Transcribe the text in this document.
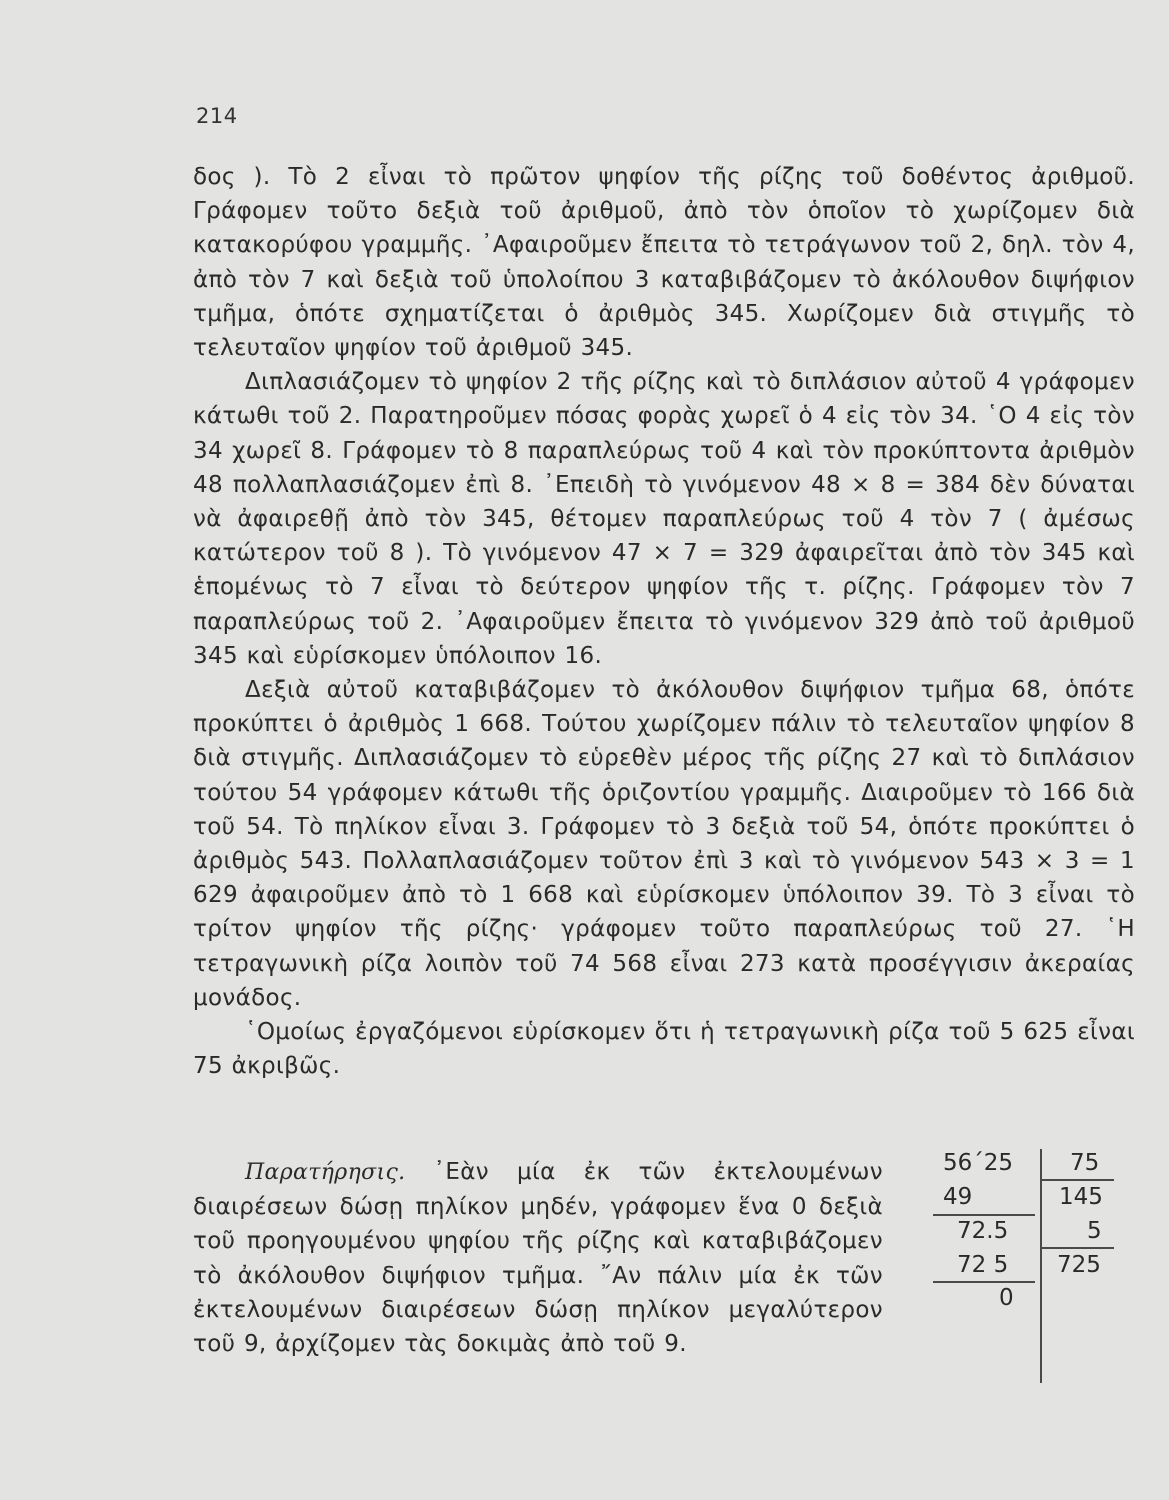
214

δος ). Τὸ 2 εἶναι τὸ πρῶτον ψηφίον τῆς ρίζης τοῦ δοθέντος ἀριθμοῦ. Γράφομεν τοῦτο δεξιὰ τοῦ ἀριθμοῦ, ἀπὸ τὸν ὁποῖον τὸ χωρίζομεν διὰ κατακορύφου γραμμῆς. ᾿Αφαιροῦμεν ἔπειτα τὸ τετράγωνον τοῦ 2, δηλ. τὸν 4, ἀπὸ τὸν 7 καὶ δεξιὰ τοῦ ὑπολοίπου 3 καταβιβάζομεν τὸ ἀκόλουθον διψήφιον τμῆμα, ὁπότε σχηματίζεται ὁ ἀριθμὸς 345. Χωρίζομεν διὰ στιγμῆς τὸ τελευταῖον ψηφίον τοῦ ἀριθμοῦ 345.

Διπλασιάζομεν τὸ ψηφίον 2 τῆς ρίζης καὶ τὸ διπλάσιον αὐτοῦ 4 γράφομεν κάτωθι τοῦ 2. Παρατηροῦμεν πόσας φορὰς χωρεῖ ὁ 4 εἰς τὸν 34. ῾Ο 4 εἰς τὸν 34 χωρεῖ 8. Γράφομεν τὸ 8 παραπλεύρως τοῦ 4 καὶ τὸν προκύπτοντα ἀριθμὸν 48 πολλαπλασιάζομεν ἐπὶ 8. ᾿Επειδὴ τὸ γινόμενον 48 × 8 = 384 δὲν δύναται νὰ ἀφαιρεθῇ ἀπὸ τὸν 345, θέτομεν παραπλεύρως τοῦ 4 τὸν 7 ( ἀμέσως κατώτερον τοῦ 8 ). Τὸ γινόμενον 47 × 7 = 329 ἀφαιρεῖται ἀπὸ τὸν 345 καὶ ἑπομένως τὸ 7 εἶναι τὸ δεύτερον ψηφίον τῆς τ. ρίζης. Γράφομεν τὸν 7 παραπλεύρως τοῦ 2. ᾿Αφαιροῦμεν ἔπειτα τὸ γινόμενον 329 ἀπὸ τοῦ ἀριθμοῦ 345 καὶ εὑρίσκομεν ὑπόλοιπον 16.

Δεξιὰ αὐτοῦ καταβιβάζομεν τὸ ἀκόλουθον διψήφιον τμῆμα 68, ὁπότε προκύπτει ὁ ἀριθμὸς 1 668. Τούτου χωρίζομεν πάλιν τὸ τελευταῖον ψηφίον 8 διὰ στιγμῆς. Διπλασιάζομεν τὸ εὑρεθὲν μέρος τῆς ρίζης 27 καὶ τὸ διπλάσιον τούτου 54 γράφομεν κάτωθι τῆς ὁριζοντίου γραμμῆς. Διαιροῦμεν τὸ 166 διὰ τοῦ 54. Τὸ πηλίκον εἶναι 3. Γράφομεν τὸ 3 δεξιὰ τοῦ 54, ὁπότε προκύπτει ὁ ἀριθμὸς 543. Πολλαπλασιάζομεν τοῦτον ἐπὶ 3 καὶ τὸ γινόμενον 543 × 3 = 1 629 ἀφαιροῦμεν ἀπὸ τὸ 1 668 καὶ εὑρίσκομεν ὑπόλοιπον 39. Τὸ 3 εἶναι τὸ τρίτον ψηφίον τῆς ρίζης· γράφομεν τοῦτο παραπλεύρως τοῦ 27. ῾Η τετραγωνικὴ ρίζα λοιπὸν τοῦ 74 568 εἶναι 273 κατὰ προσέγγισιν ἀκεραίας μονάδος.

῾Ομοίως ἐργαζόμενοι εὑρίσκομεν ὅτι ἡ τετραγωνικὴ ρίζα τοῦ 5 625 εἶναι 75 ἀκριβῶς.

Παρατήρησις. ᾿Εὰν μία ἐκ τῶν ἐκτελουμένων διαιρέσεων δώσῃ πηλίκον μηδέν, γράφομεν ἕνα 0 δεξιὰ τοῦ προηγουμένου ψηφίου τῆς ρίζης καὶ καταβιβάζομεν τὸ ἀκόλουθον διψήφιον τμῆμα. ῎Αν πάλιν μία ἐκ τῶν ἐκτελουμένων διαιρέσεων δώσῃ πηλίκον μεγαλύτερον τοῦ 9, ἀρχίζομεν τὰς δοκιμὰς ἀπὸ τοῦ 9.
56΄25
49
72.5
72 5
0
75
145
5
725
